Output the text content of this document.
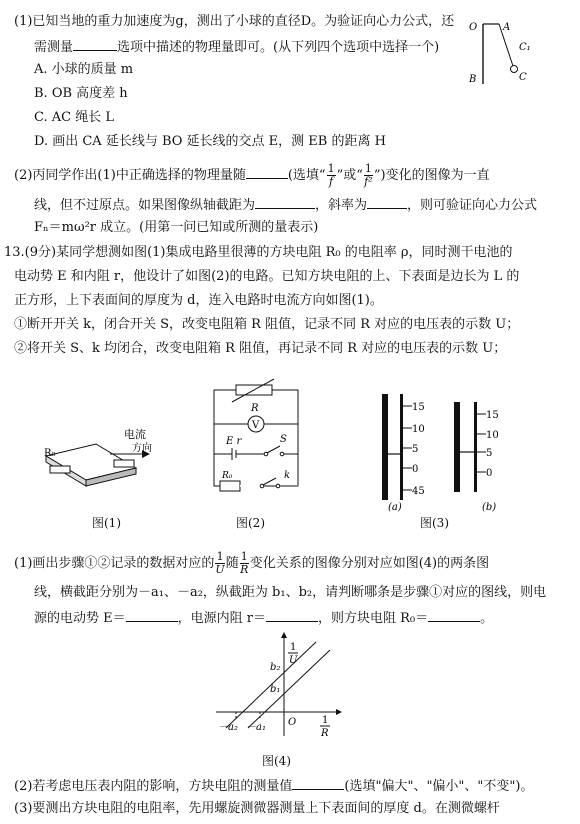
(1)已知当地的重力加速度为g，测出了小球的直径D。为验证向心力公式，还
需测量	选项中描述的物理量即可。(从下列四个选项中选择一个)
A. 小球的质量 m
B. OB 高度差 h
C. AC 绳长 L
D. 画出 CA 延长线与 BO 延长线的交点 E，测 EB 的距离 H
O	A
B	C
C₁
(2)丙同学作出(1)中正确选择的物理量随	(选填“ $\frac{1}{f}$ ”或“ $\frac{1}{\text{f²}}$ ”)变化的图像为一直
线，但不过原点。如果图像纵轴截距为	，斜率为	，则可验证向心力公式
Fₙ＝mω²r 成立。(用第一问已知或所测的量表示)
13.(9分)某同学想测如图(1)集成电路里很薄的方块电阻 R₀ 的电阻率 ρ，同时测干电池的
电动势 E 和内阻 r，他设计了如图(2)的电路。已知方块电阻的上、下表面是边长为 L 的
正方形，上下表面间的厚度为 d，连入电路时电流方向如图(1)。
①断开开关 k，闭合开关 S，改变电阻箱 R 阻值，记录不同 R 对应的电压表的示数 U；
②将开关 S、k 均闭合，改变电阻箱 R 阻值，再记录不同 R 对应的电压表的示数 U；
R₀
电流
方向
图(1)
R
V
E r	S
R₀	k
图(2)
15
10
5
0
45
(a)
15
10
5
0
(b)
图(3)
(1)画出步骤①②记录的数据对应的 $\frac{1}{U}$ 随 $\frac{1}{R}$ 变化关系的图像分别对应如图(4)的两条图
线，横截距分别为－a₁、－a₂，纵截距为 b₁、b₂，请判断哪条是步骤①对应的图线，则电
源的电动势 E＝	，电源内阻 r＝	，则方块电阻 R₀＝	。
1
U
1
R
b₂
b₁
－a₂ －a₁ O
图(4)
(2)若考虑电压表内阻的影响，方块电阻的测量值	(选填"偏大"、"偏小"、"不变")。
(3)要测出方块电阻的电阻率，先用螺旋测微器测量上下表面间的厚度 d。在测微螺杆
